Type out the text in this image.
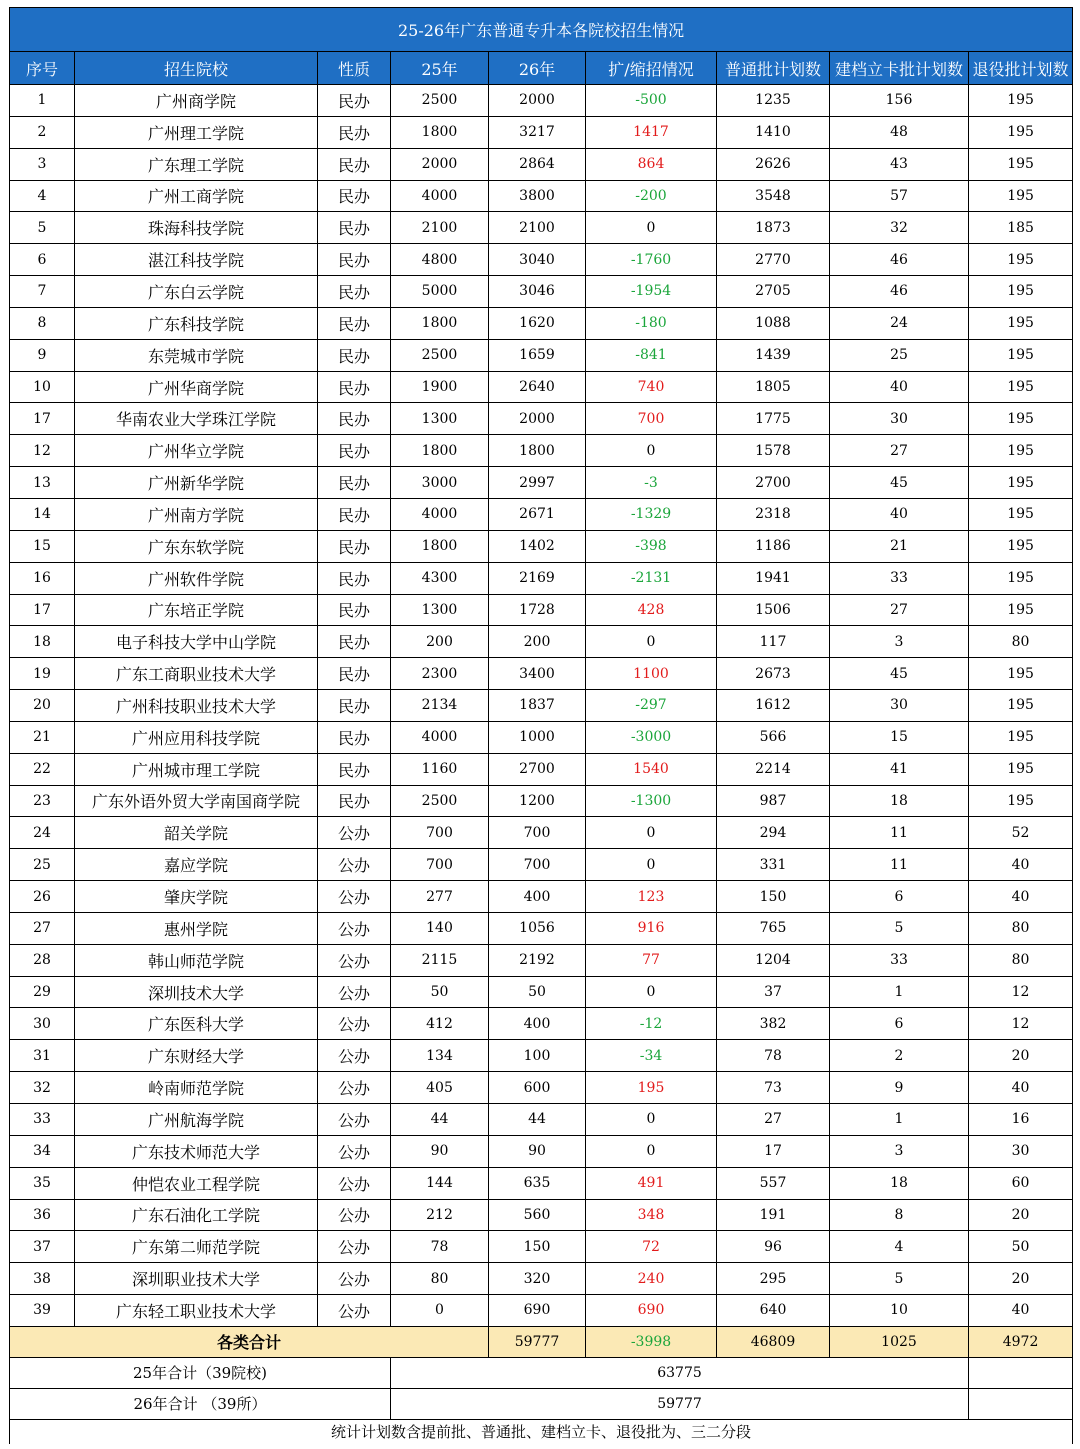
25-26年广东普通专升本各院校招生情况								
序号	招生院校	性质	25年	26年	扩/缩招情况	普通批计划数	建档立卡批计划数	退役批计划数
1	广州商学院	民办	2500	2000	-500	1235	156	195
2	广州理工学院	民办	1800	3217	1417	1410	48	195
3	广东理工学院	民办	2000	2864	864	2626	43	195
4	广州工商学院	民办	4000	3800	-200	3548	57	195
5	珠海科技学院	民办	2100	2100	0	1873	32	185
6	湛江科技学院	民办	4800	3040	-1760	2770	46	195
7	广东白云学院	民办	5000	3046	-1954	2705	46	195
8	广东科技学院	民办	1800	1620	-180	1088	24	195
9	东莞城市学院	民办	2500	1659	-841	1439	25	195
10	广州华商学院	民办	1900	2640	740	1805	40	195
17	华南农业大学珠江学院	民办	1300	2000	700	1775	30	195
12	广州华立学院	民办	1800	1800	0	1578	27	195
13	广州新华学院	民办	3000	2997	-3	2700	45	195
14	广州南方学院	民办	4000	2671	-1329	2318	40	195
15	广东东软学院	民办	1800	1402	-398	1186	21	195
16	广州软件学院	民办	4300	2169	-2131	1941	33	195
17	广东培正学院	民办	1300	1728	428	1506	27	195
18	电子科技大学中山学院	民办	200	200	0	117	3	80
19	广东工商职业技术大学	民办	2300	3400	1100	2673	45	195
20	广州科技职业技术大学	民办	2134	1837	-297	1612	30	195
21	广州应用科技学院	民办	4000	1000	-3000	566	15	195
22	广州城市理工学院	民办	1160	2700	1540	2214	41	195
23	广东外语外贸大学南国商学院	民办	2500	1200	-1300	987	18	195
24	韶关学院	公办	700	700	0	294	11	52
25	嘉应学院	公办	700	700	0	331	11	40
26	肇庆学院	公办	277	400	123	150	6	40
27	惠州学院	公办	140	1056	916	765	5	80
28	韩山师范学院	公办	2115	2192	77	1204	33	80
29	深圳技术大学	公办	50	50	0	37	1	12
30	广东医科大学	公办	412	400	-12	382	6	12
31	广东财经大学	公办	134	100	-34	78	2	20
32	岭南师范学院	公办	405	600	195	73	9	40
33	广州航海学院	公办	44	44	0	27	1	16
34	广东技术师范大学	公办	90	90	0	17	3	30
35	仲恺农业工程学院	公办	144	635	491	557	18	60
36	广东石油化工学院	公办	212	560	348	191	8	20
37	广东第二师范学院	公办	78	150	72	96	4	50
38	深圳职业技术大学	公办	80	320	240	295	5	20
39	广东轻工职业技术大学	公办	0	690	690	640	10	40
各类合计				59777	-3998	46809	1025	4972
25年合计（39院校)			63775					
26年合计 （39所）			59777					
统计计划数含提前批、普通批、建档立卡、退役批为、三二分段								
